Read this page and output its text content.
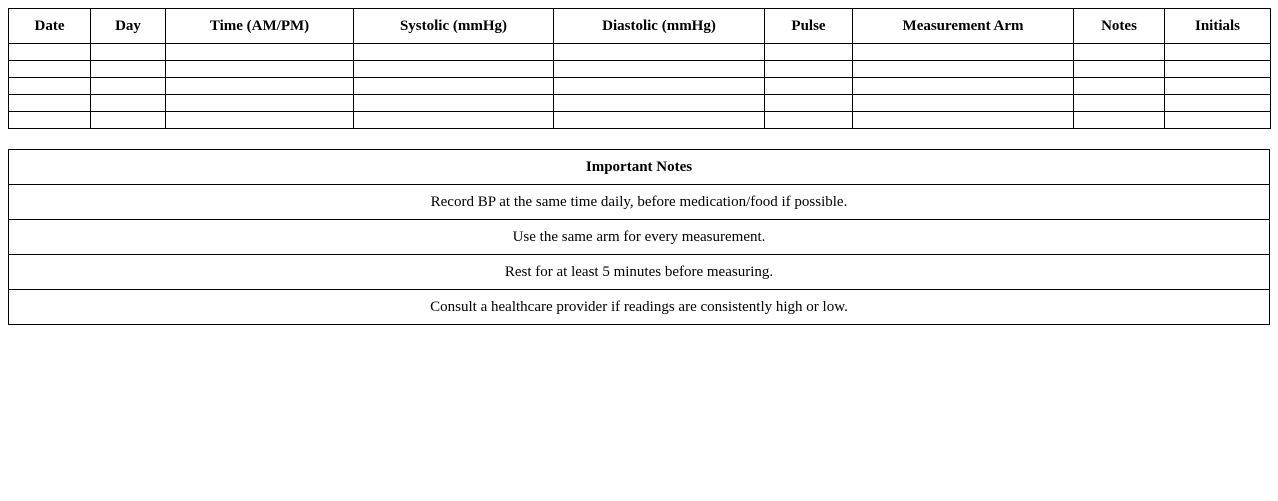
Date	Day	Time (AM/PM)	Systolic (mmHg)	Diastolic (mmHg)	Pulse	Measurement Arm	Notes	Initials

Important Notes
Record BP at the same time daily, before medication/food if possible.
Use the same arm for every measurement.
Rest for at least 5 minutes before measuring.
Consult a healthcare provider if readings are consistently high or low.
